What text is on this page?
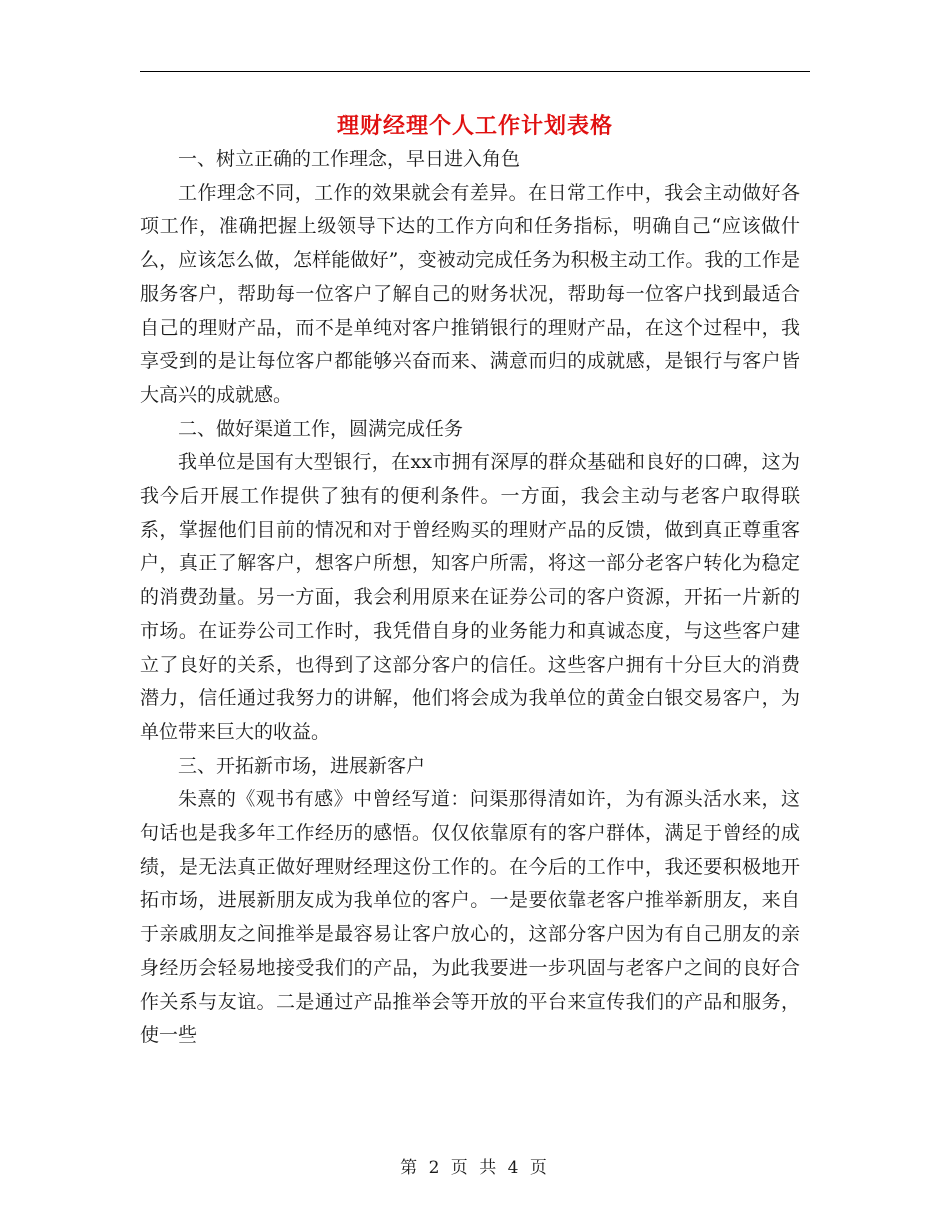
理财经理个人工作计划表格

一、树立正确的工作理念，早日进入角色

工作理念不同，工作的效果就会有差异。在日常工作中，我会主动做好各项工作，准确把握上级领导下达的工作方向和任务指标，明确自己“应该做什么，应该怎么做，怎样能做好”，变被动完成任务为积极主动工作。我的工作是服务客户，帮助每一位客户了解自己的财务状况，帮助每一位客户找到最适合自己的理财产品，而不是单纯对客户推销银行的理财产品，在这个过程中，我享受到的是让每位客户都能够兴奋而来、满意而归的成就感，是银行与客户皆大高兴的成就感。

二、做好渠道工作，圆满完成任务

我单位是国有大型银行，在xx市拥有深厚的群众基础和良好的口碑，这为我今后开展工作提供了独有的便利条件。一方面，我会主动与老客户取得联系，掌握他们目前的情况和对于曾经购买的理财产品的反馈，做到真正尊重客户，真正了解客户，想客户所想，知客户所需，将这一部分老客户转化为稳定的消费劲量。另一方面，我会利用原来在证券公司的客户资源，开拓一片新的市场。在证券公司工作时，我凭借自身的业务能力和真诚态度，与这些客户建立了良好的关系，也得到了这部分客户的信任。这些客户拥有十分巨大的消费潜力，信任通过我努力的讲解，他们将会成为我单位的黄金白银交易客户，为单位带来巨大的收益。

三、开拓新市场，进展新客户

朱熹的《观书有感》中曾经写道：问渠那得清如许，为有源头活水来，这句话也是我多年工作经历的感悟。仅仅依靠原有的客户群体，满足于曾经的成绩，是无法真正做好理财经理这份工作的。在今后的工作中，我还要积极地开拓市场，进展新朋友成为我单位的客户。一是要依靠老客户推举新朋友，来自于亲戚朋友之间推举是最容易让客户放心的，这部分客户因为有自己朋友的亲身经历会轻易地接受我们的产品，为此我要进一步巩固与老客户之间的良好合作关系与友谊。二是通过产品推举会等开放的平台来宣传我们的产品和服务，使一些

第 2 页 共 4 页
